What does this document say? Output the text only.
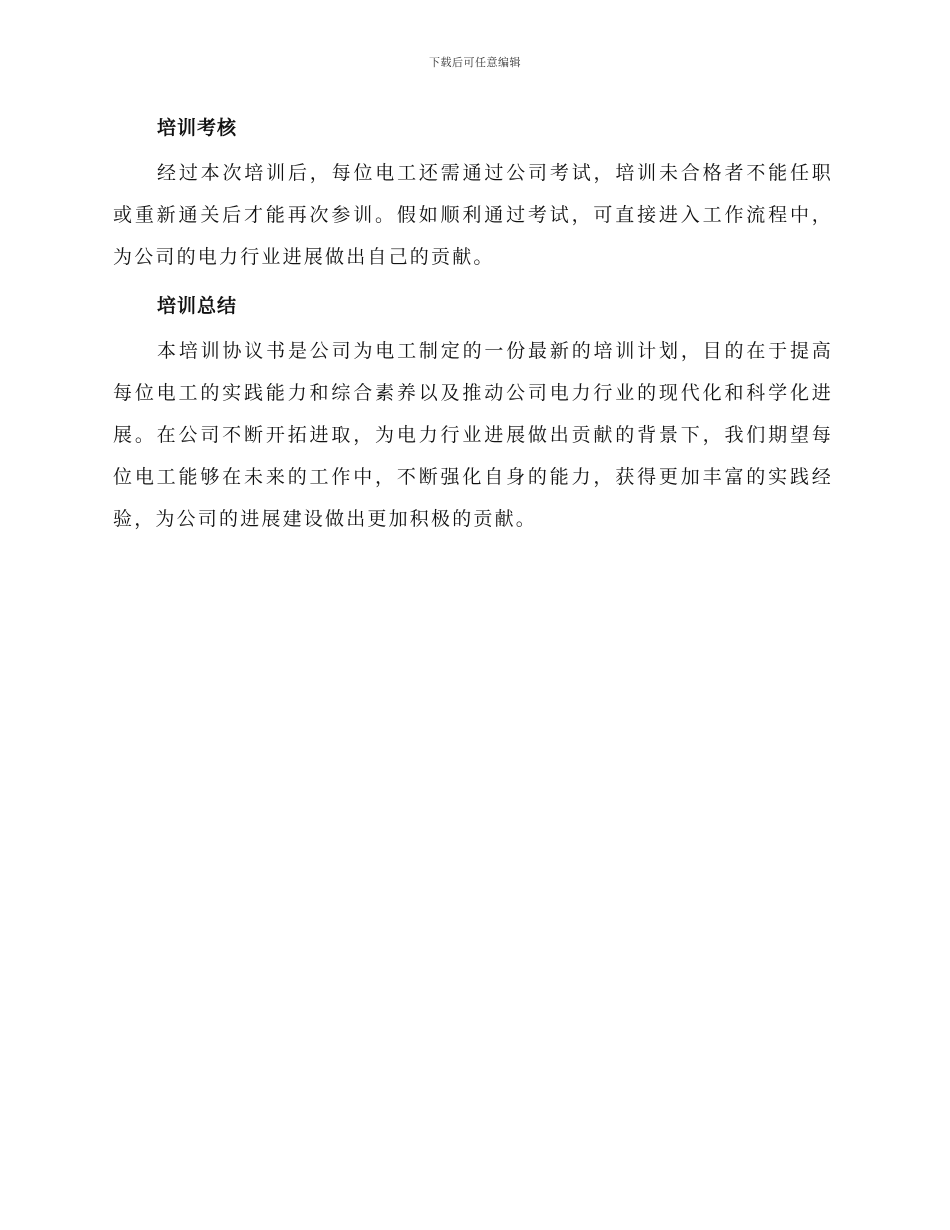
下载后可任意编辑
培训考核

经过本次培训后，每位电工还需通过公司考试，培训未合格者不能任职或重新通关后才能再次参训。假如顺利通过考试，可直接进入工作流程中，为公司的电力行业进展做出自己的贡献。

培训总结

本培训协议书是公司为电工制定的一份最新的培训计划，目的在于提高每位电工的实践能力和综合素养以及推动公司电力行业的现代化和科学化进展。在公司不断开拓进取，为电力行业进展做出贡献的背景下，我们期望每位电工能够在未来的工作中，不断强化自身的能力，获得更加丰富的实践经验，为公司的进展建设做出更加积极的贡献。
